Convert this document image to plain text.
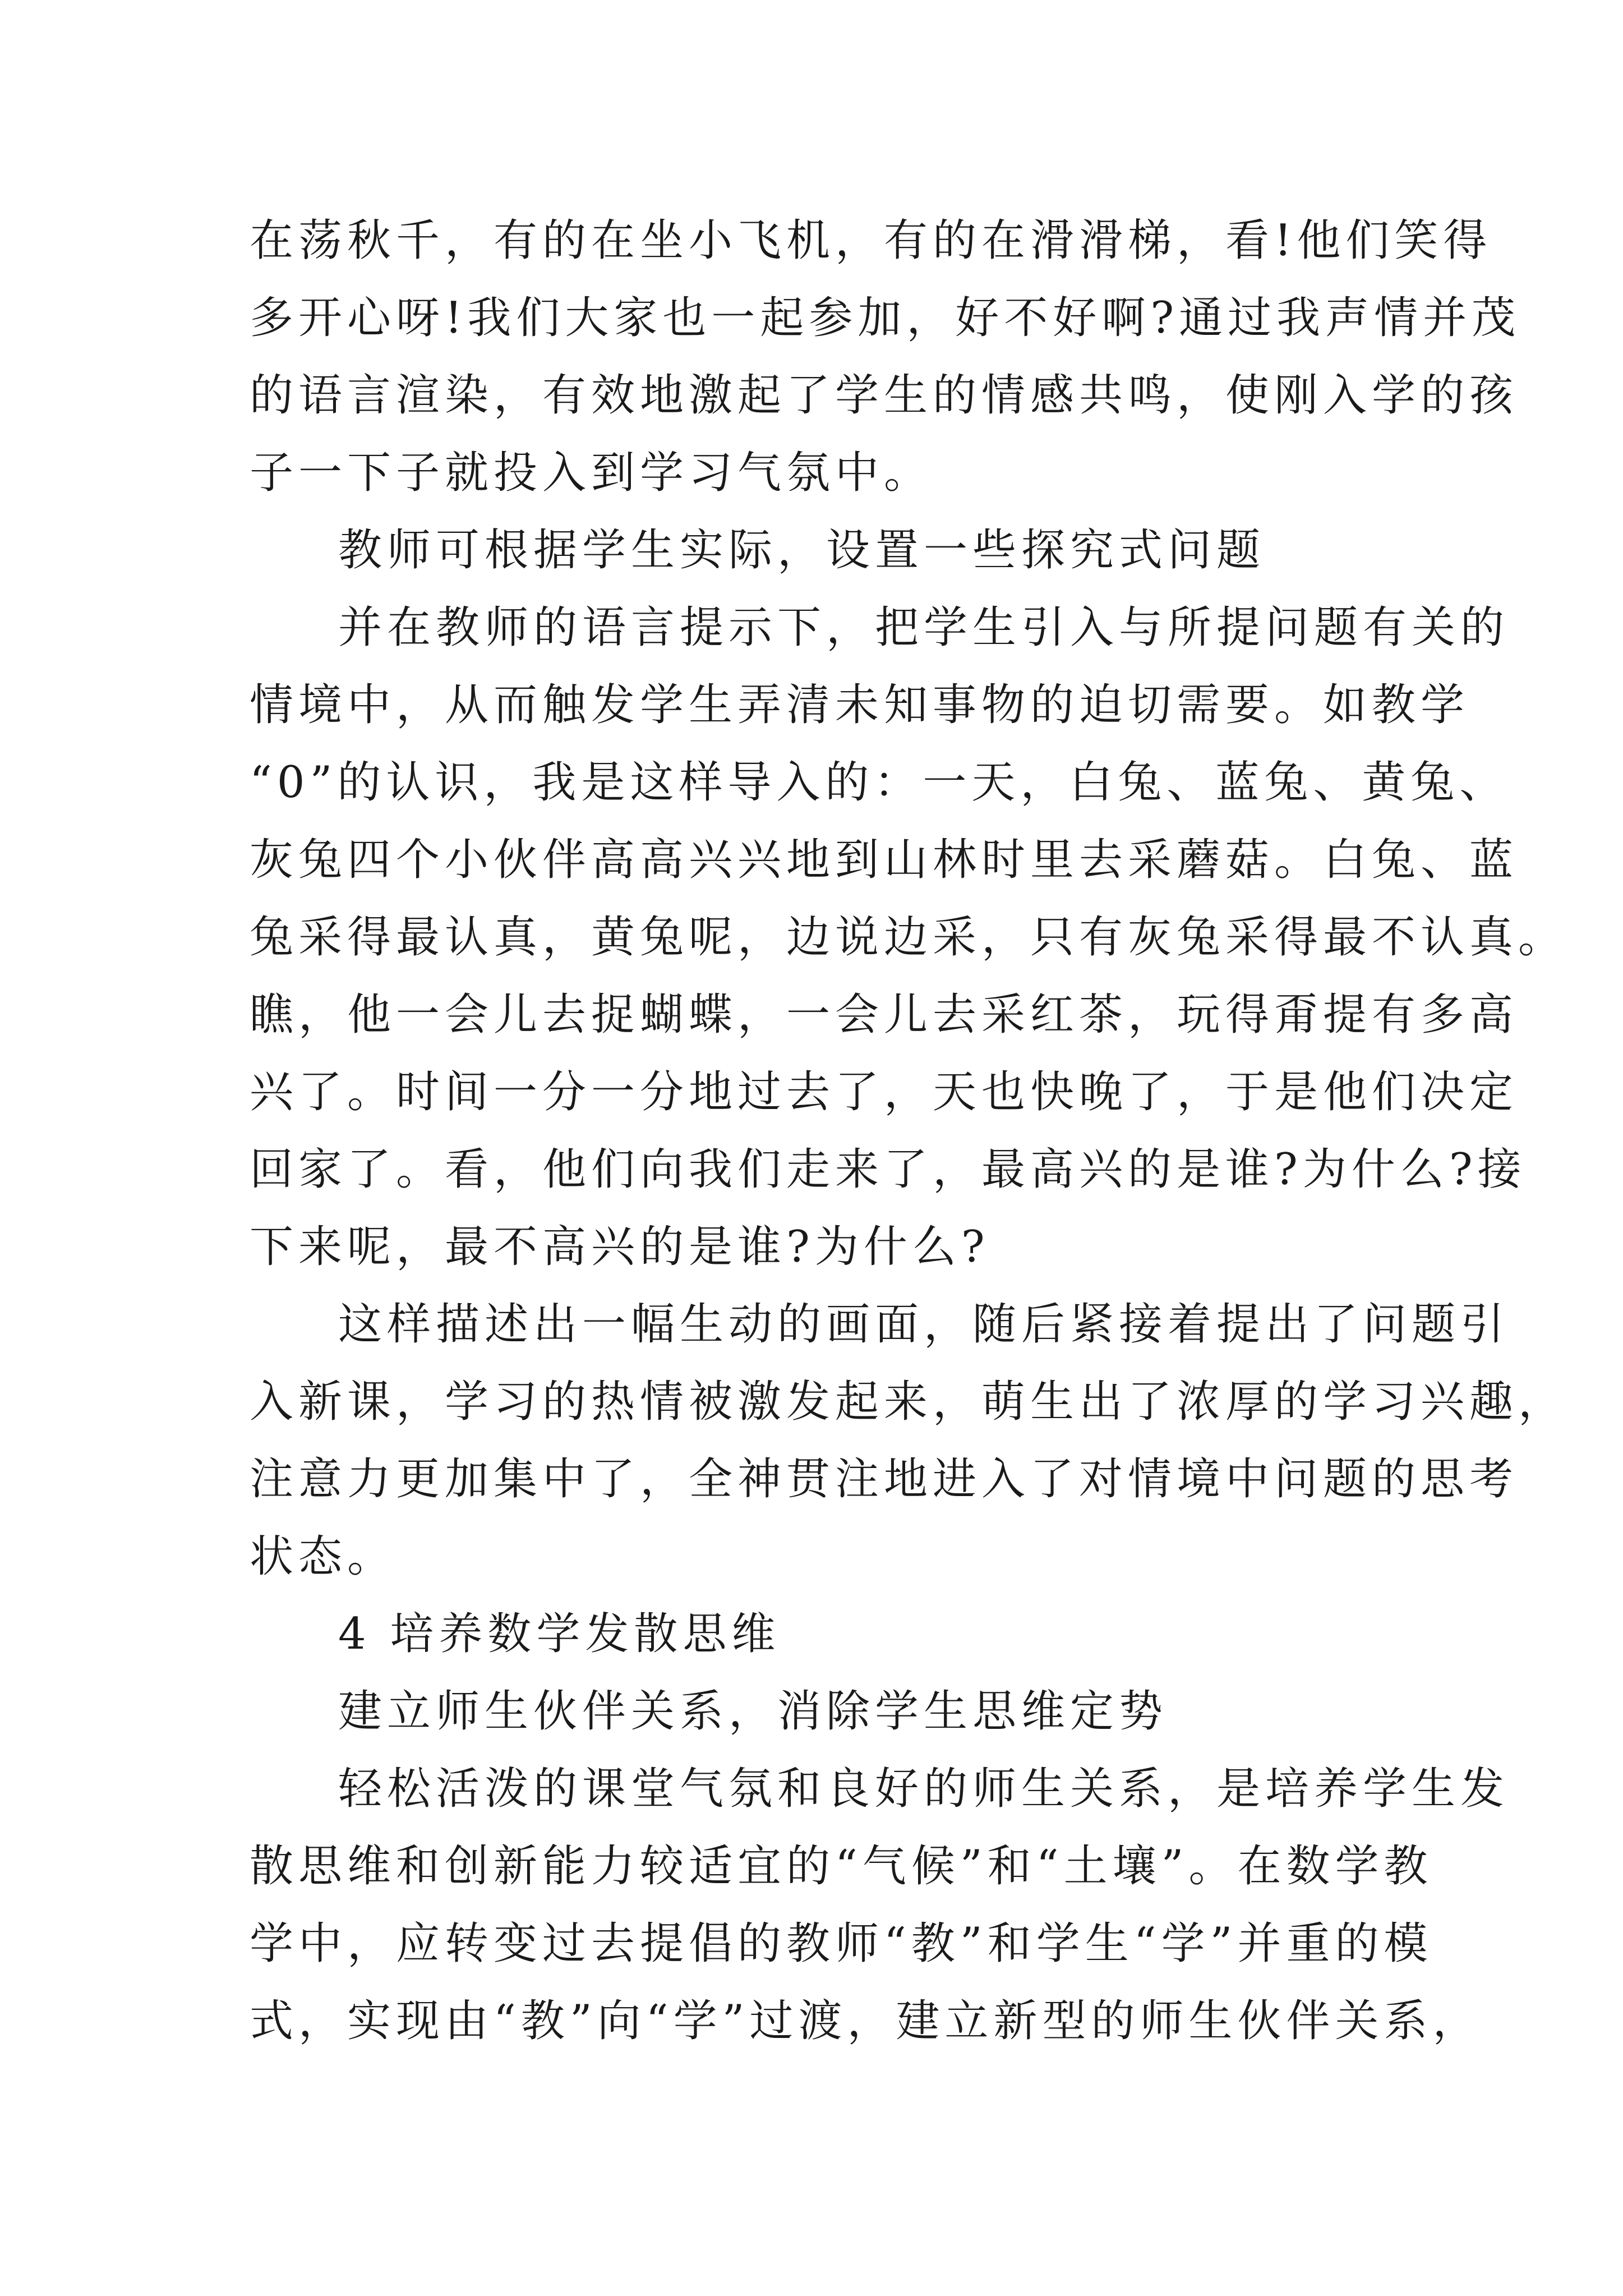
在荡秋千，有的在坐小飞机，有的在滑滑梯，看!他们笑得
多开心呀!我们大家也一起参加，好不好啊?通过我声情并茂
的语言渲染，有效地激起了学生的情感共鸣，使刚入学的孩
子一下子就投入到学习气氛中。
教师可根据学生实际，设置一些探究式问题
并在教师的语言提示下，把学生引入与所提问题有关的
情境中，从而触发学生弄清未知事物的迫切需要。如教学
“0”的认识，我是这样导入的：一天，白兔、蓝兔、黄兔、
灰兔四个小伙伴高高兴兴地到山林时里去采蘑菇。白兔、蓝
兔采得最认真，黄兔呢，边说边采，只有灰兔采得最不认真。
瞧，他一会儿去捉蝴蝶，一会儿去采红茶，玩得甭提有多高
兴了。时间一分一分地过去了，天也快晚了，于是他们决定
回家了。看，他们向我们走来了，最高兴的是谁?为什么?接
下来呢，最不高兴的是谁?为什么?
这样描述出一幅生动的画面，随后紧接着提出了问题引
入新课，学习的热情被激发起来，萌生出了浓厚的学习兴趣，
注意力更加集中了，全神贯注地进入了对情境中问题的思考
状态。
4 培养数学发散思维
建立师生伙伴关系，消除学生思维定势
轻松活泼的课堂气氛和良好的师生关系，是培养学生发
散思维和创新能力较适宜的“气候”和“土壤”。在数学教
学中，应转变过去提倡的教师“教”和学生“学”并重的模
式，实现由“教”向“学”过渡，建立新型的师生伙伴关系，
